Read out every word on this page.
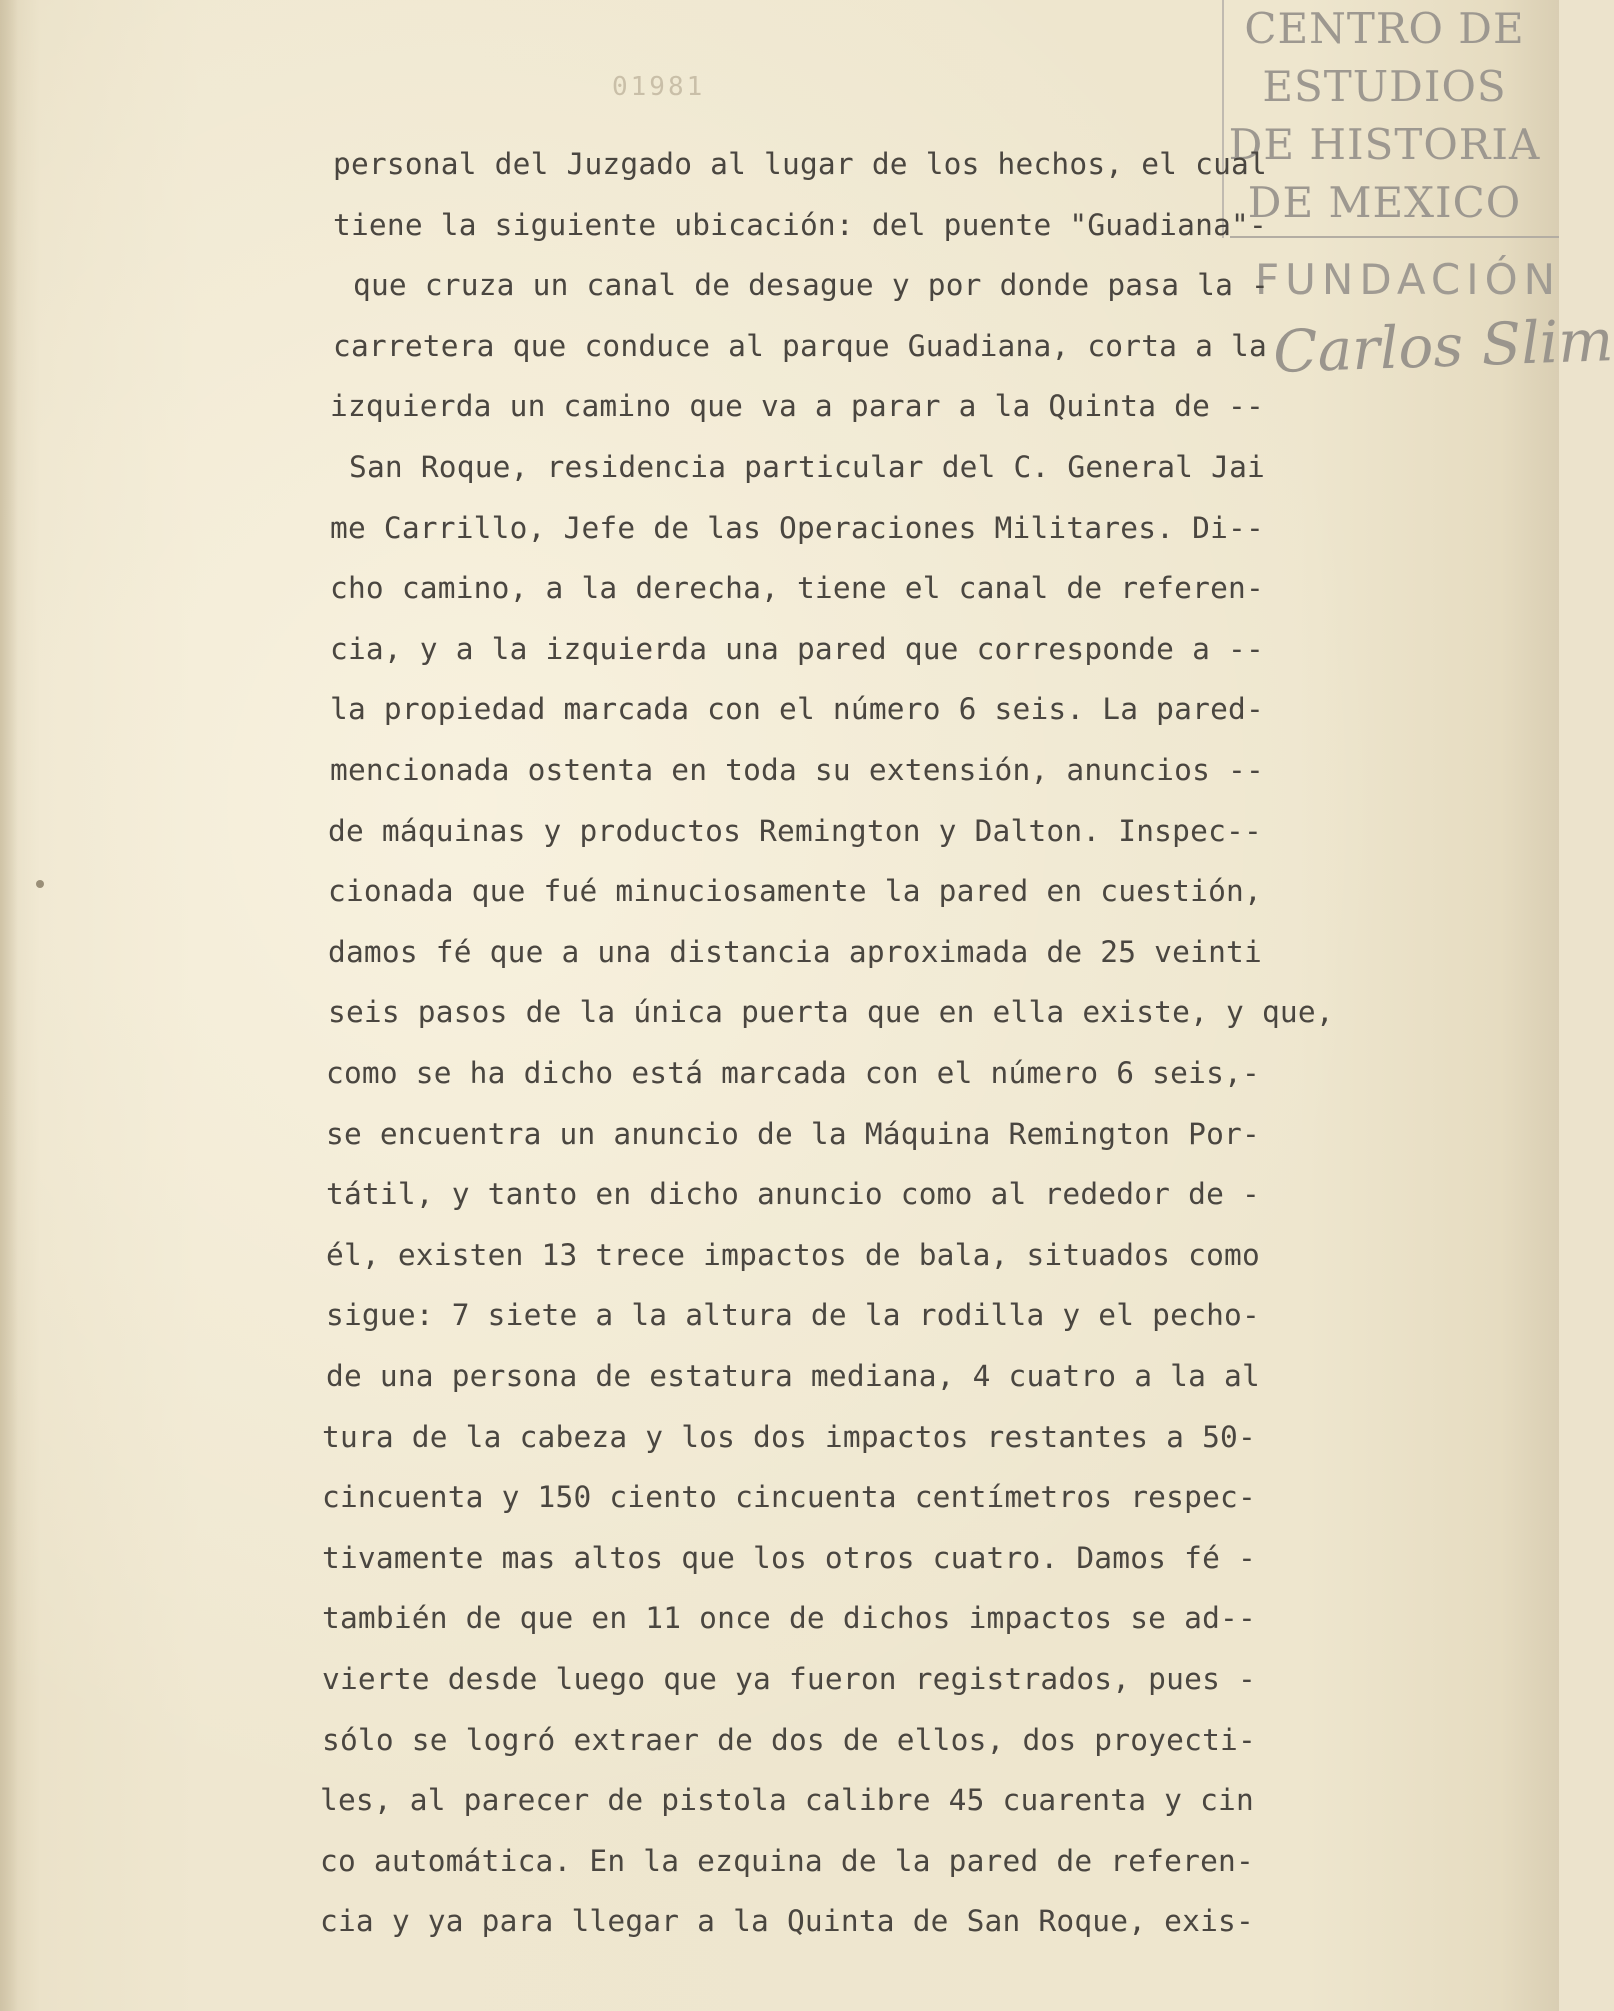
01981
CENTRO DE
ESTUDIOS
DE HISTORIA
DE MEXICO
FUNDACIÓN
Carlos Slim
personal del Juzgado al lugar de los hechos, el cual
tiene la siguiente ubicación: del puente "Guadiana"-
que cruza un canal de desague y por donde pasa la -
carretera que conduce al parque Guadiana, corta a la
izquierda un camino que va a parar a la Quinta de --
San Roque, residencia particular del C. General Jai
me Carrillo, Jefe de las Operaciones Militares. Di--
cho camino, a la derecha, tiene el canal de referen-
cia, y a la izquierda una pared que corresponde a --
la propiedad marcada con el número 6 seis. La pared-
mencionada ostenta en toda su extensión, anuncios --
de máquinas y productos Remington y Dalton. Inspec--
cionada que fué minuciosamente la pared en cuestión,
damos fé que a una distancia aproximada de 25 veinti
seis pasos de la única puerta que en ella existe, y que,
como se ha dicho está marcada con el número 6 seis,-
se encuentra un anuncio de la Máquina Remington Por-
tátil, y tanto en dicho anuncio como al rededor de -
él, existen 13 trece impactos de bala, situados como
sigue: 7 siete a la altura de la rodilla y el pecho-
de una persona de estatura mediana, 4 cuatro a la al
tura de la cabeza y los dos impactos restantes a 50-
cincuenta y 150 ciento cincuenta centímetros respec-
tivamente mas altos que los otros cuatro. Damos fé -
también de que en 11 once de dichos impactos se ad--
vierte desde luego que ya fueron registrados, pues -
sólo se logró extraer de dos de ellos, dos proyecti-
les, al parecer de pistola calibre 45 cuarenta y cin
co automática. En la ezquina de la pared de referen-
cia y ya para llegar a la Quinta de San Roque, exis-
